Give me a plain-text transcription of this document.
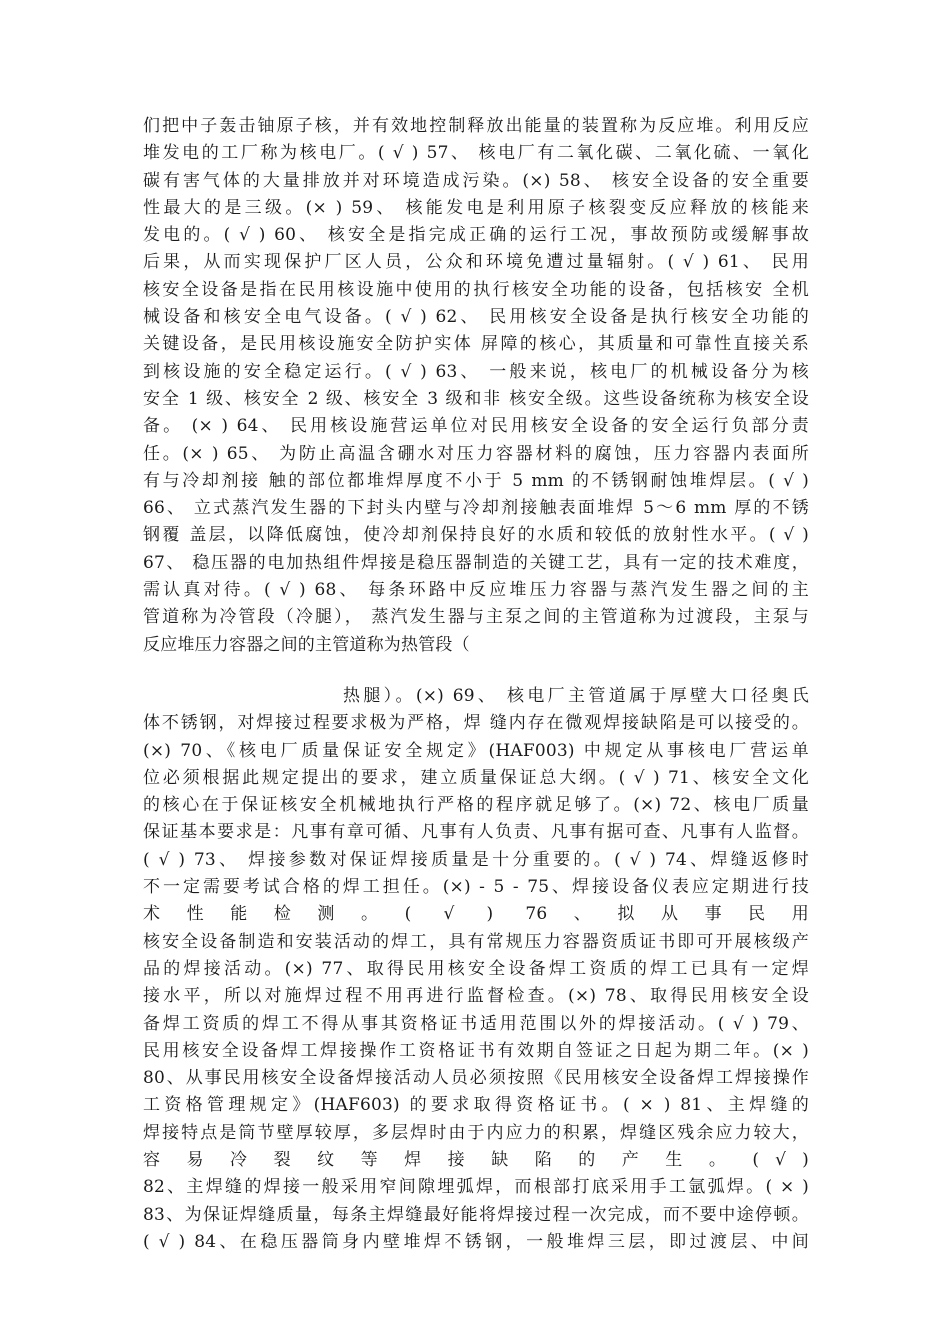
们把中子轰击铀原子核，并有效地控制释放出能量的装置称为反应堆。利用反应
堆发电的工厂称为核电厂。( √ ) 57、 核电厂有二氧化碳、二氧化硫、一氧化
碳有害气体的大量排放并对环境造成污染。(×) 58、 核安全设备的安全重要
性最大的是三级。(× ) 59、 核能发电是利用原子核裂变反应释放的核能来
发电的。( √ ) 60、 核安全是指完成正确的运行工况，事故预防或缓解事故
后果，从而实现保护厂区人员，公众和环境免遭过量辐射。( √ ) 61、 民用
核安全设备是指在民用核设施中使用的执行核安全功能的设备，包括核安 全机
械设备和核安全电气设备。( √ ) 62、 民用核安全设备是执行核安全功能的
关键设备，是民用核设施安全防护实体 屏障的核心，其质量和可靠性直接关系
到核设施的安全稳定运行。( √ ) 63、 一般来说，核电厂的机械设备分为核
安全 1 级、核安全 2 级、核安全 3 级和非 核安全级。这些设备统称为核安全设
备。 (× ) 64、 民用核设施营运单位对民用核安全设备的安全运行负部分责
任。(× ) 65、 为防止高温含硼水对压力容器材料的腐蚀，压力容器内表面所
有与冷却剂接 触的部位都堆焊厚度不小于 5 mm 的不锈钢耐蚀堆焊层。( √ )
66、 立式蒸汽发生器的下封头内壁与冷却剂接触表面堆焊 5～6 mm 厚的不锈
钢覆 盖层，以降低腐蚀，使冷却剂保持良好的水质和较低的放射性水平。( √ )
67、 稳压器的电加热组件焊接是稳压器制造的关键工艺，具有一定的技术难度，
需认真对待。( √ ) 68、 每条环路中反应堆压力容器与蒸汽发生器之间的主
管道称为冷管段（冷腿）， 蒸汽发生器与主泵之间的主管道称为过渡段，主泵与
反应堆压力容器之间的主管道称为热管段（
热腿）。(×) 69、 核电厂主管道属于厚壁大口径奥氏
体不锈钢，对焊接过程要求极为严格，焊 缝内存在微观焊接缺陷是可以接受的。
(×) 70、《核电厂质量保证安全规定》(HAF003) 中规定从事核电厂营运单
位必须根据此规定提出的要求，建立质量保证总大纲。( √ ) 71、核安全文化
的核心在于保证核安全机械地执行严格的程序就足够了。(×) 72、核电厂质量
保证基本要求是：凡事有章可循、凡事有人负责、凡事有据可查、凡事有人监督。
( √ ) 73、 焊接参数对保证焊接质量是十分重要的。( √ ) 74、焊缝返修时
不一定需要考试合格的焊工担任。(×) - 5 - 75、焊接设备仪表应定期进行技
术性能检测。( √ ) 76、拟从事民用
核安全设备制造和安装活动的焊工，具有常规压力容器资质证书即可开展核级产
品的焊接活动。(×) 77、取得民用核安全设备焊工资质的焊工已具有一定焊
接水平，所以对施焊过程不用再进行监督检查。(×) 78、取得民用核安全设
备焊工资质的焊工不得从事其资格证书适用范围以外的焊接活动。( √ ) 79、
民用核安全设备焊工焊接操作工资格证书有效期自签证之日起为期二年。(× )
80、从事民用核安全设备焊接活动人员必须按照《民用核安全设备焊工焊接操作
工资格管理规定》(HAF603) 的要求取得资格证书。( × ) 81、主焊缝的
焊接特点是筒节壁厚较厚，多层焊时由于内应力的积累，焊缝区残余应力较大，
容 易 冷 裂 纹 等 焊 接 缺 陷 的 产 生 。 ( √ )
82、主焊缝的焊接一般采用窄间隙埋弧焊，而根部打底采用手工氩弧焊。( × )
83、为保证焊缝质量，每条主焊缝最好能将焊接过程一次完成，而不要中途停顿。
( √ ) 84、在稳压器筒身内壁堆焊不锈钢，一般堆焊三层，即过渡层、中间
